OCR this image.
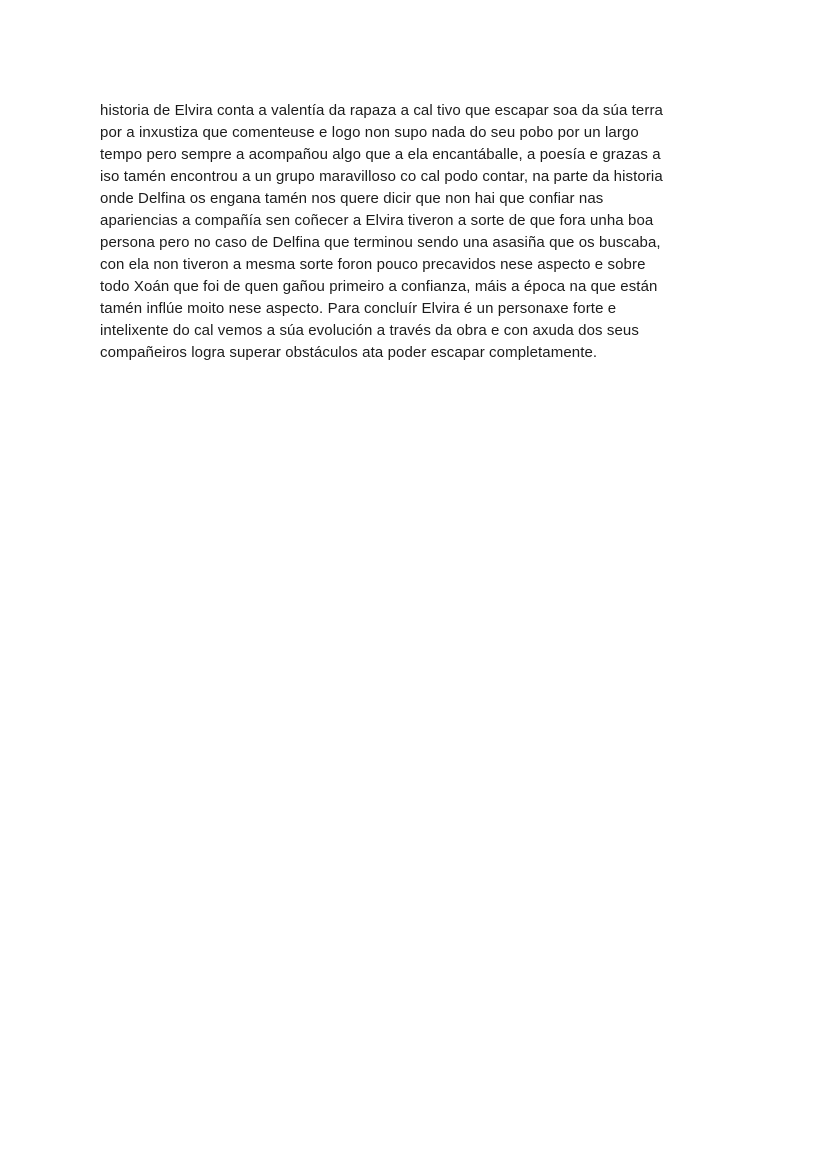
historia de Elvira conta a valentía da rapaza a cal tivo que escapar soa da súa terra
por a inxustiza que comenteuse e logo non supo nada do seu pobo por un largo
tempo pero sempre a acompañou algo que a ela encantáballe, a poesía e grazas a
iso tamén encontrou a un grupo maravilloso co cal podo contar, na parte da historia
onde Delfina os engana tamén nos quere dicir que non hai que confiar nas
apariencias a compañía sen coñecer a Elvira tiveron a sorte de que fora unha boa
persona pero no caso de Delfina que terminou sendo una asasiña que os buscaba,
con ela non tiveron a mesma sorte foron pouco precavidos nese aspecto e sobre
todo Xoán que foi de quen gañou primeiro a confianza, máis a época na que están
tamén inflúe moito nese aspecto. Para concluír Elvira é un personaxe forte e
intelixente do cal vemos a súa evolución a través da obra e con axuda dos seus
compañeiros logra superar obstáculos ata poder escapar completamente.
